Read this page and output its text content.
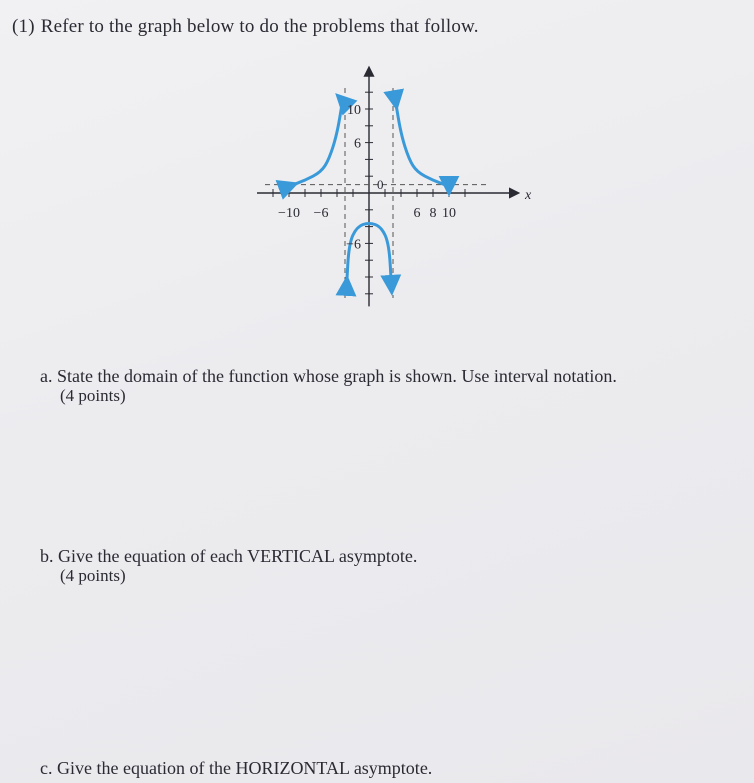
(1) Refer to the graph below to do the problems that follow.
−10 −6	6 8 10
10
6
−6
0
x
a. State the domain of the function whose graph is shown. Use interval notation.
(4 points)
b. Give the equation of each VERTICAL asymptote.
(4 points)
c. Give the equation of the HORIZONTAL asymptote.
